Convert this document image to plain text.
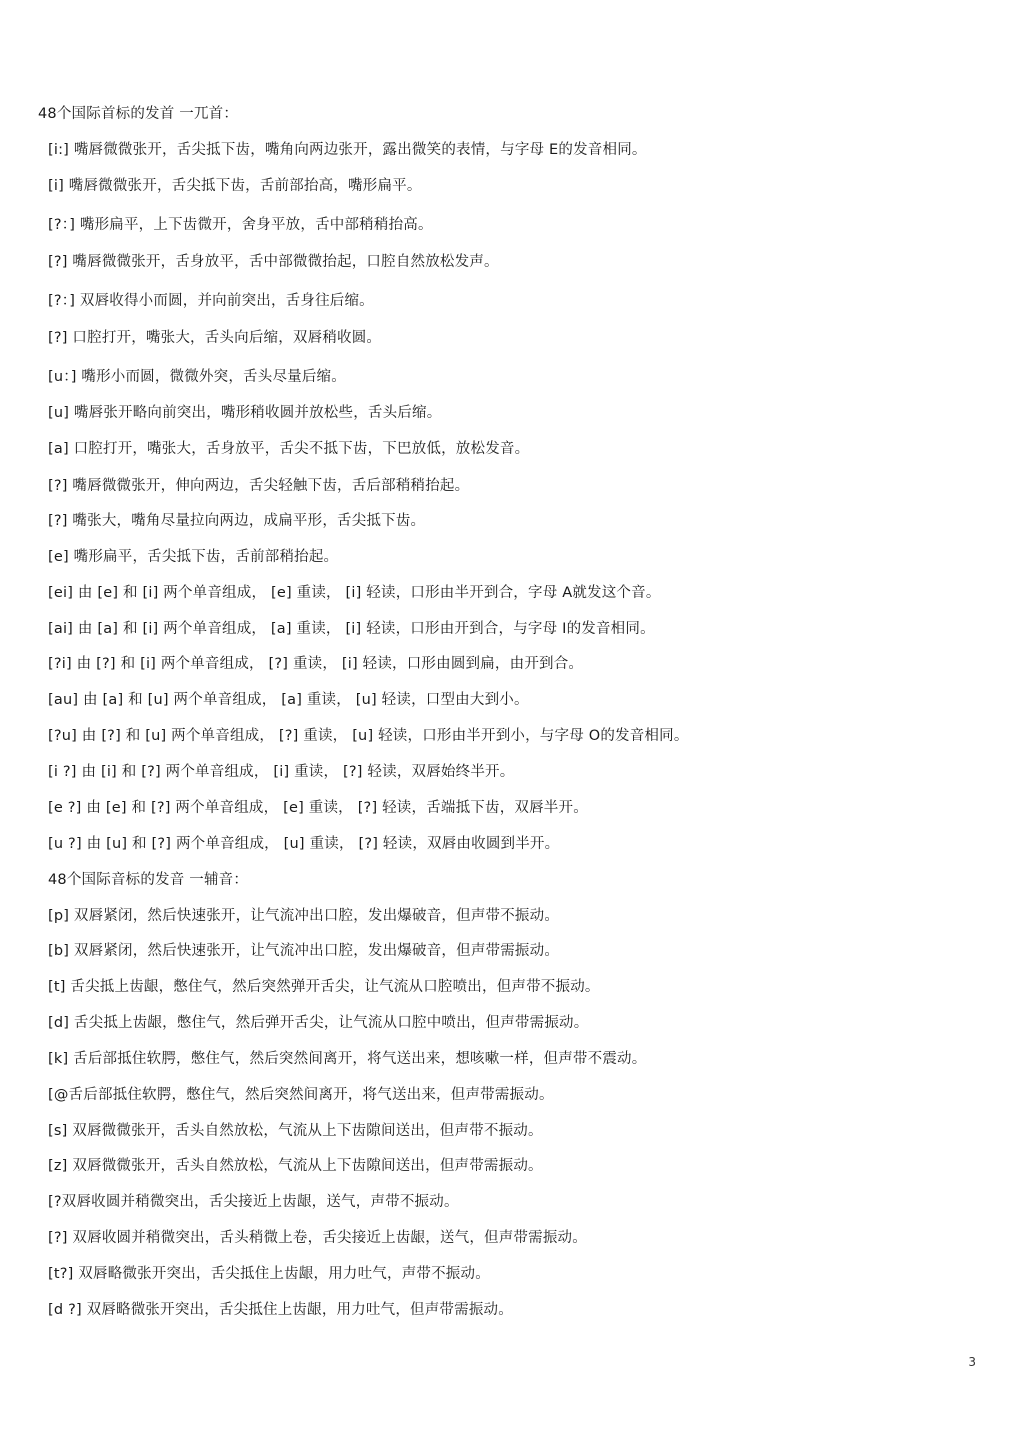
48个国际首标的发首 一兀首：
[i:] 嘴唇微微张开，舌尖抵下齿，嘴角向两边张开，露出微笑的表情，与字母 E的发音相同。
[i] 嘴唇微微张开，舌尖抵下齿，舌前部抬高，嘴形扁平。
[?：] 嘴形扁平，上下齿微开，舍身平放，舌中部稍稍抬高。
[?] 嘴唇微微张开，舌身放平，舌中部微微抬起，口腔自然放松发声。
[?：] 双唇收得小而圆，并向前突出，舌身往后缩。
[?] 口腔打开，嘴张大，舌头向后缩，双唇稍收圆。
[u：] 嘴形小而圆，微微外突，舌头尽量后缩。
[u] 嘴唇张开略向前突出，嘴形稍收圆并放松些，舌头后缩。
[a] 口腔打开，嘴张大，舌身放平，舌尖不抵下齿，下巴放低，放松发音。
[?] 嘴唇微微张开，伸向两边，舌尖轻触下齿，舌后部稍稍抬起。
[?] 嘴张大，嘴角尽量拉向两边，成扁平形，舌尖抵下齿。
[e] 嘴形扁平，舌尖抵下齿，舌前部稍抬起。
[ei] 由 [e] 和 [i] 两个单音组成， [e] 重读， [i] 轻读，口形由半开到合，字母 A就发这个音。
[ai] 由 [a] 和 [i] 两个单音组成， [a] 重读， [i] 轻读，口形由开到合，与字母 I的发音相同。
[?i] 由 [?] 和 [i] 两个单音组成， [?] 重读， [i] 轻读，口形由圆到扁，由开到合。
[au] 由 [a] 和 [u] 两个单音组成， [a] 重读， [u] 轻读，口型由大到小。
[?u] 由 [?] 和 [u] 两个单音组成， [?] 重读， [u] 轻读，口形由半开到小，与字母 O的发音相同。
[i ?] 由 [i] 和 [?] 两个单音组成， [i] 重读， [?] 轻读，双唇始终半开。
[e ?] 由 [e] 和 [?] 两个单音组成， [e] 重读， [?] 轻读，舌端抵下齿，双唇半开。
[u ?] 由 [u] 和 [?] 两个单音组成， [u] 重读， [?] 轻读，双唇由收圆到半开。
48个国际音标的发音 一辅音：
[p] 双唇紧闭，然后快速张开，让气流冲出口腔，发出爆破音，但声带不振动。
[b] 双唇紧闭，然后快速张开，让气流冲出口腔，发出爆破音，但声带需振动。
[t] 舌尖抵上齿龈，憋住气，然后突然弹开舌尖，让气流从口腔喷出，但声带不振动。
[d] 舌尖抵上齿龈，憋住气，然后弹开舌尖，让气流从口腔中喷出，但声带需振动。
[k] 舌后部抵住软腭，憋住气，然后突然间离开，将气送出来，想咳嗽一样，但声带不震动。
[@舌后部抵住软腭，憋住气，然后突然间离开，将气送出来，但声带需振动。
[s] 双唇微微张开，舌头自然放松，气流从上下齿隙间送出，但声带不振动。
[z] 双唇微微张开，舌头自然放松，气流从上下齿隙间送出，但声带需振动。
[?双唇收圆并稍微突出，舌尖接近上齿龈，送气，声带不振动。
[?] 双唇收圆并稍微突出，舌头稍微上卷，舌尖接近上齿龈，送气，但声带需振动。
[t?] 双唇略微张开突出，舌尖抵住上齿龈，用力吐气，声带不振动。
[d ?] 双唇略微张开突出，舌尖抵住上齿龈，用力吐气，但声带需振动。
3
